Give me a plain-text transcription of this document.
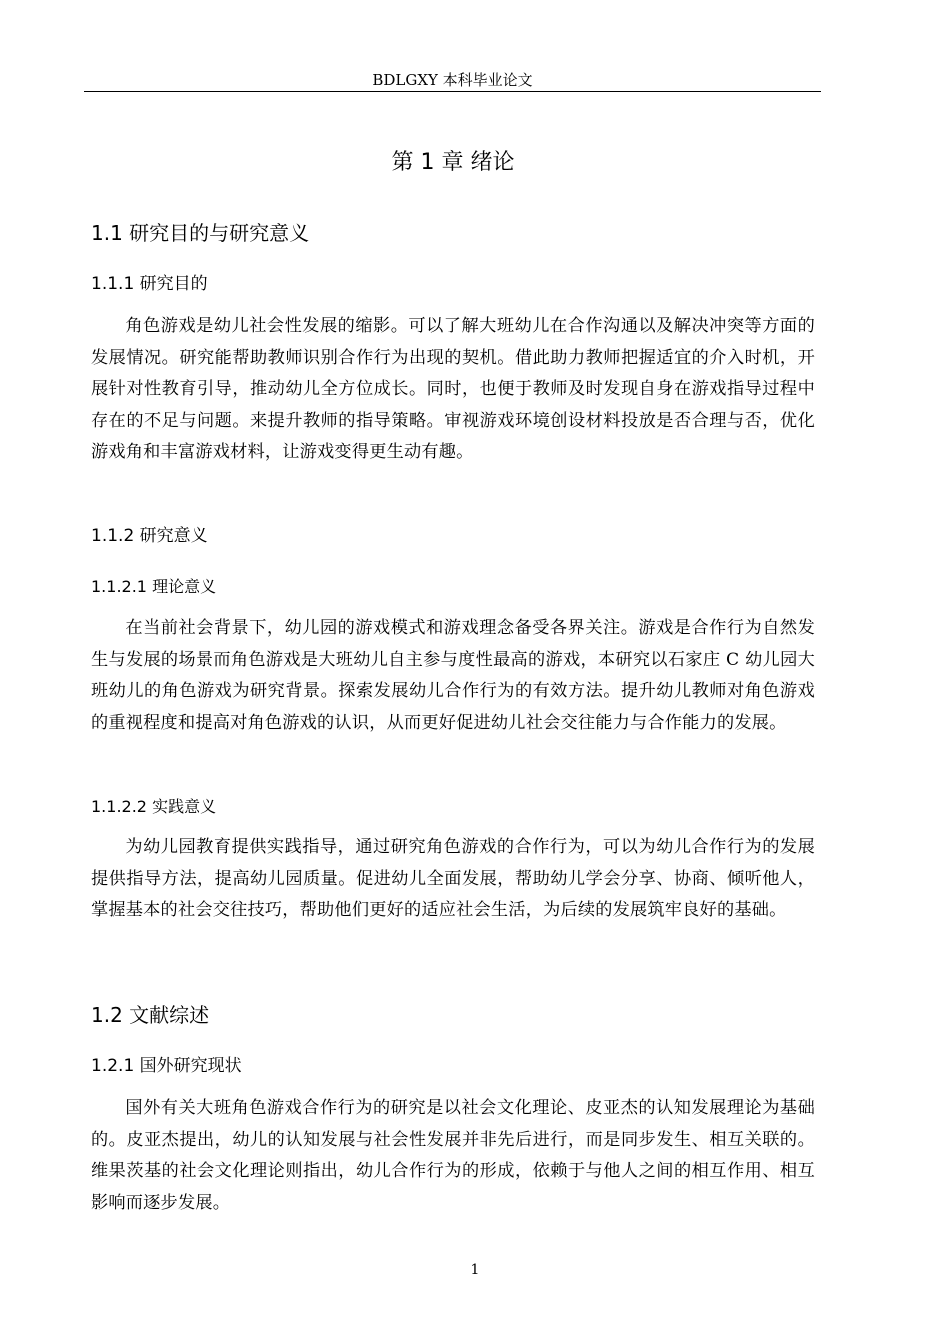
BDLGXY 本科毕业论文
第 1 章 绪论
1.1 研究目的与研究意义
1.1.1 研究目的

角色游戏是幼儿社会性发展的缩影。可以了解大班幼儿在合作沟通以及解决冲突等方面的发展情况。研究能帮助教师识别合作行为出现的契机。借此助力教师把握适宜的介入时机，开展针对性教育引导，推动幼儿全方位成长。同时，也便于教师及时发现自身在游戏指导过程中存在的不足与问题。来提升教师的指导策略。审视游戏环境创设材料投放是否合理与否，优化游戏角和丰富游戏材料，让游戏变得更生动有趣。

1.1.2 研究意义
1.1.2.1 理论意义

在当前社会背景下，幼儿园的游戏模式和游戏理念备受各界关注。游戏是合作行为自然发生与发展的场景而角色游戏是大班幼儿自主参与度性最高的游戏，本研究以石家庄 C 幼儿园大班幼儿的角色游戏为研究背景。探索发展幼儿合作行为的有效方法。提升幼儿教师对角色游戏的重视程度和提高对角色游戏的认识，从而更好促进幼儿社会交往能力与合作能力的发展。

1.1.2.2 实践意义

为幼儿园教育提供实践指导，通过研究角色游戏的合作行为，可以为幼儿合作行为的发展提供指导方法，提高幼儿园质量。促进幼儿全面发展，帮助幼儿学会分享、协商、倾听他人，掌握基本的社会交往技巧，帮助他们更好的适应社会生活，为后续的发展筑牢良好的基础。

1.2 文献综述
1.2.1 国外研究现状

国外有关大班角色游戏合作行为的研究是以社会文化理论、皮亚杰的认知发展理论为基础的。皮亚杰提出，幼儿的认知发展与社会性发展并非先后进行，而是同步发生、相互关联的。维果茨基的社会文化理论则指出，幼儿合作行为的形成，依赖于与他人之间的相互作用、相互影响而逐步发展。

1
